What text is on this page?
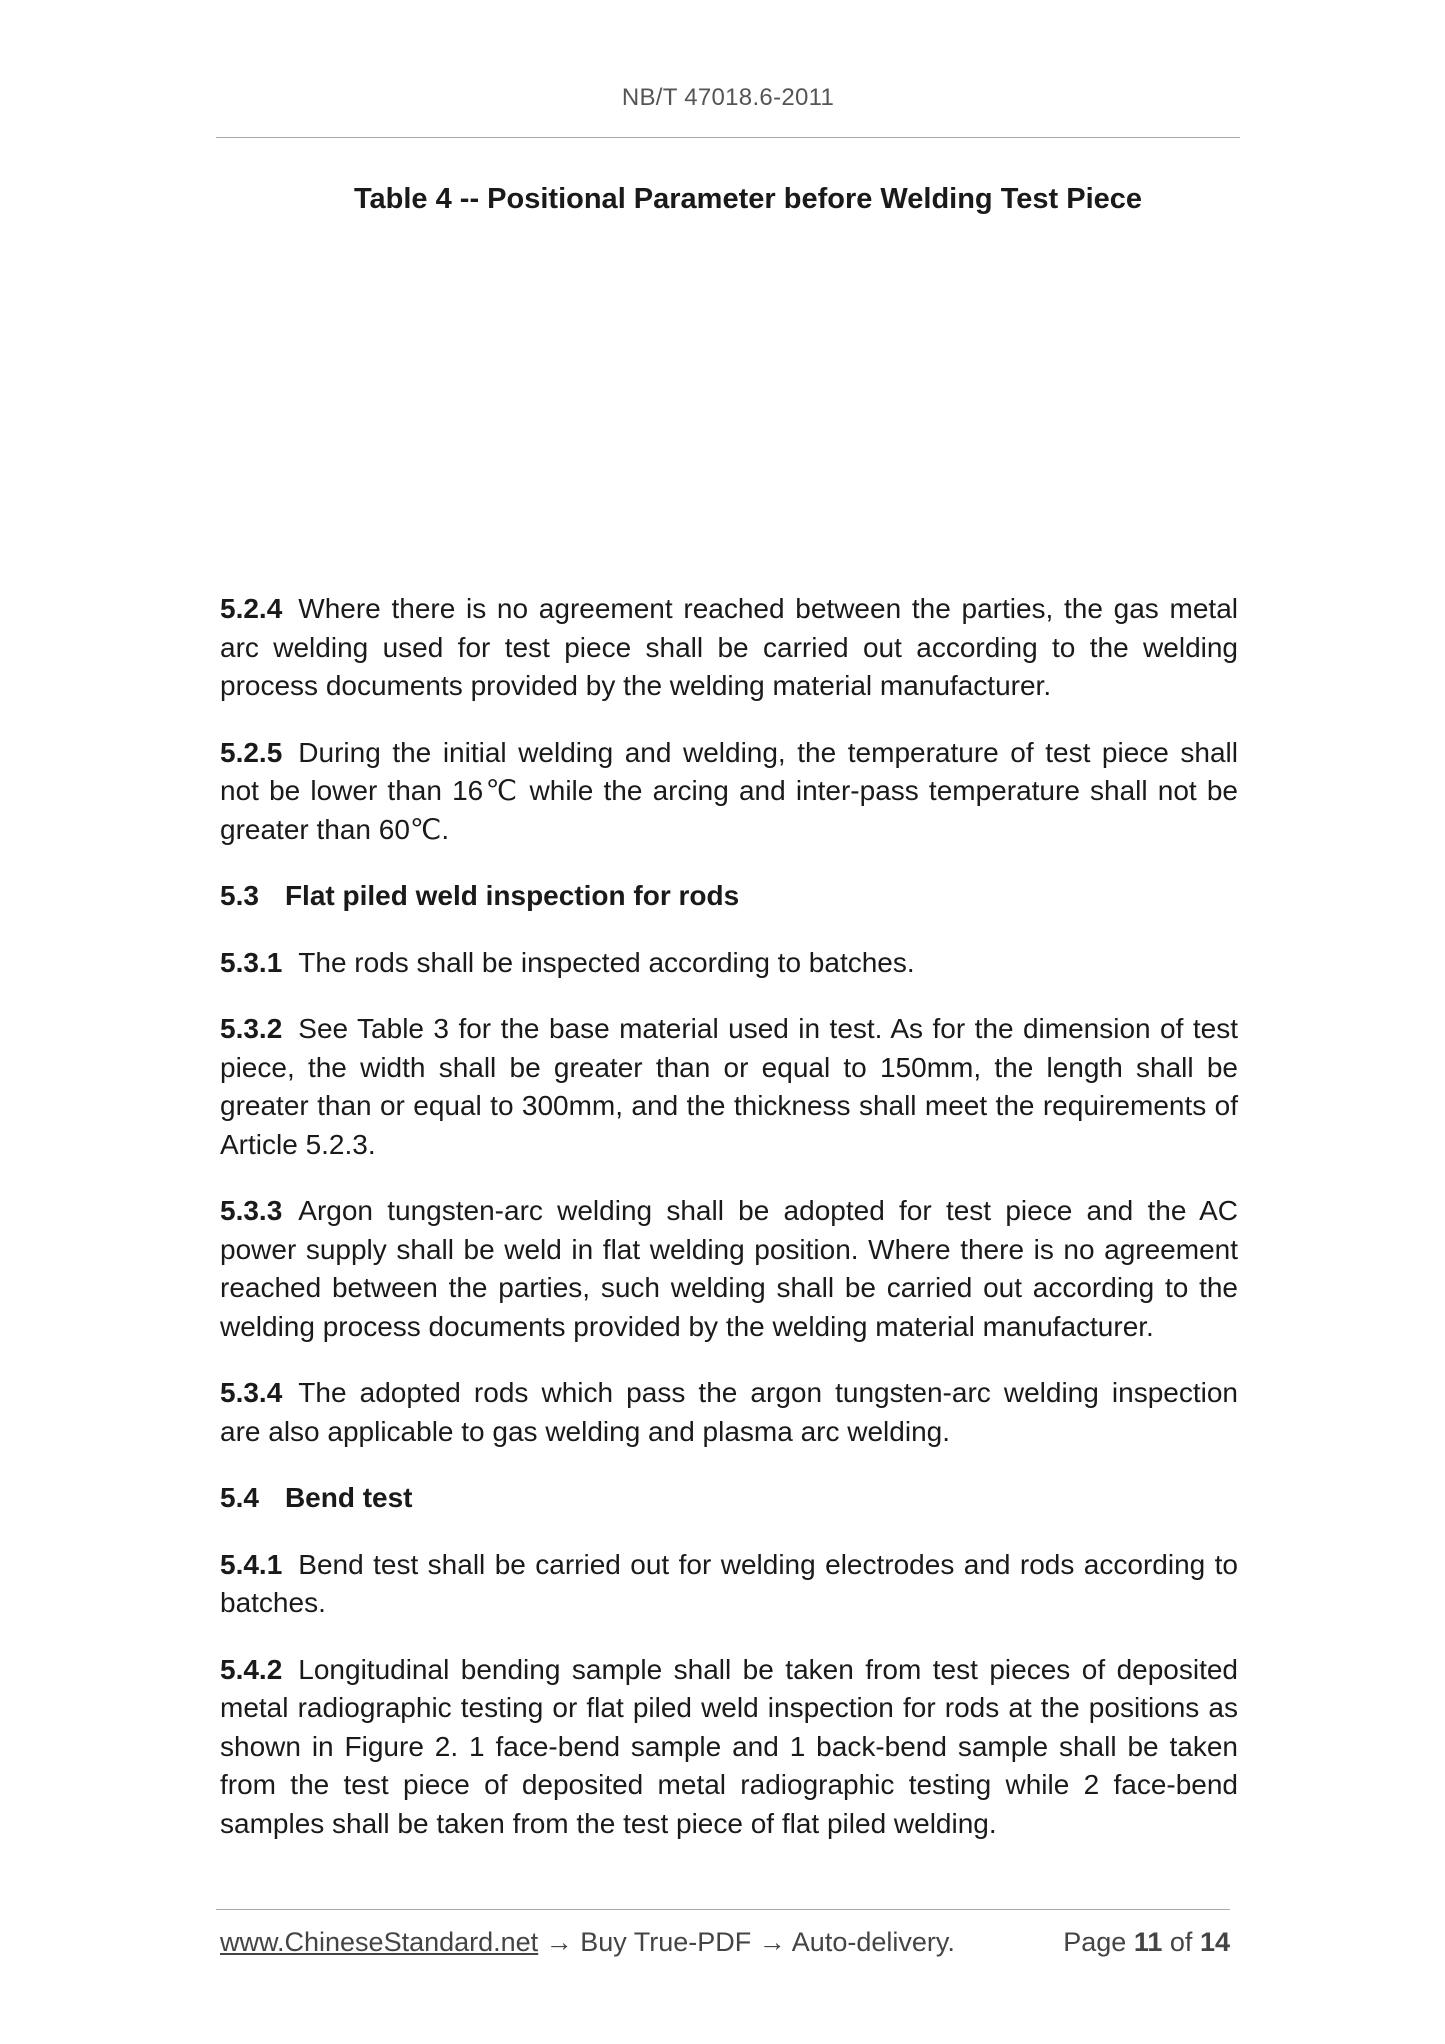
NB/T 47018.6-2011
Table 4 -- Positional Parameter before Welding Test Piece

5.2.4 Where there is no agreement reached between the parties, the gas metal arc welding used for test piece shall be carried out according to the welding process documents provided by the welding material manufacturer.

5.2.5 During the initial welding and welding, the temperature of test piece shall not be lower than 16℃ while the arcing and inter-pass temperature shall not be greater than 60℃.

5.3 Flat piled weld inspection for rods

5.3.1 The rods shall be inspected according to batches.

5.3.2 See Table 3 for the base material used in test. As for the dimension of test piece, the width shall be greater than or equal to 150mm, the length shall be greater than or equal to 300mm, and the thickness shall meet the requirements of Article 5.2.3.

5.3.3 Argon tungsten-arc welding shall be adopted for test piece and the AC power supply shall be weld in flat welding position. Where there is no agreement reached between the parties, such welding shall be carried out according to the welding process documents provided by the welding material manufacturer.

5.3.4 The adopted rods which pass the argon tungsten-arc welding inspection are also applicable to gas welding and plasma arc welding.

5.4 Bend test

5.4.1 Bend test shall be carried out for welding electrodes and rods according to batches.

5.4.2 Longitudinal bending sample shall be taken from test pieces of deposited metal radiographic testing or flat piled weld inspection for rods at the positions as shown in Figure 2. 1 face-bend sample and 1 back-bend sample shall be taken from the test piece of deposited metal radiographic testing while 2 face-bend samples shall be taken from the test piece of flat piled welding.

www.ChineseStandard.net → Buy True-PDF → Auto-delivery.	Page 11 of 14
